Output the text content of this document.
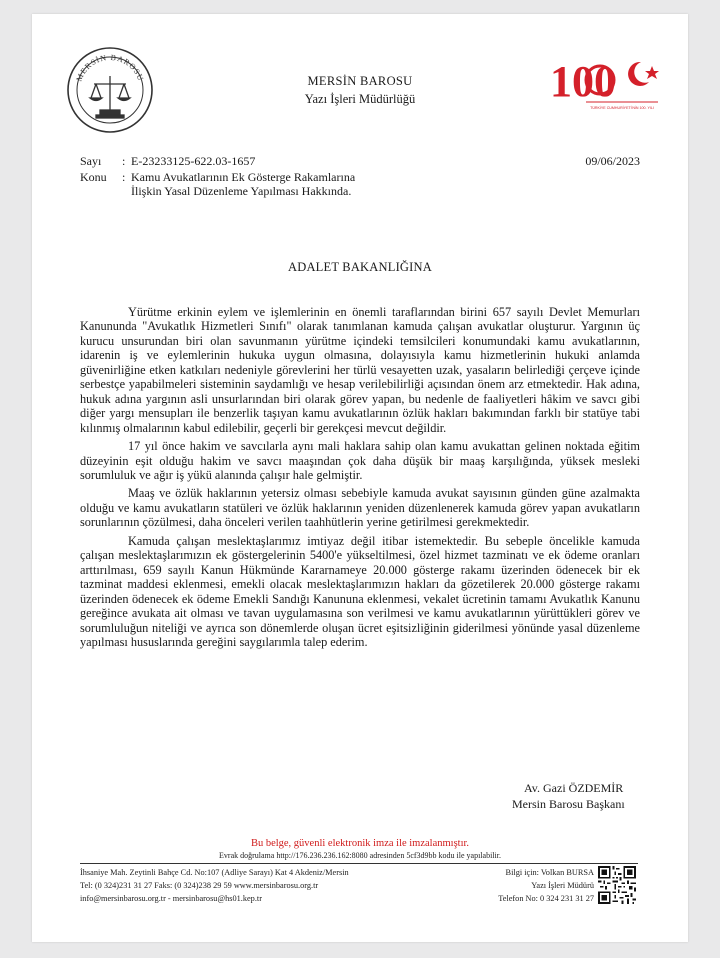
MERSİN BAROSU	100
TÜRKİYE CUMHURİYETİ'NİN 100. YILI
MERSİN BAROSU
Yazı İşleri Müdürlüğü
Sayı : E-23233125-622.03-1657
Konu : Kamu Avukatlarının Ek Gösterge Rakamlarına İlişkin Yasal Düzenleme Yapılması Hakkında.
09/06/2023
ADALET BAKANLIĞINA

Yürütme erkinin eylem ve işlemlerinin en önemli taraflarından birini 657 sayılı Devlet Memurları Kanununda "Avukatlık Hizmetleri Sınıfı" olarak tanımlanan kamuda çalışan avukatlar oluşturur. Yargının üç kurucu unsurundan biri olan savunmanın yürütme içindeki temsilcileri konumundaki kamu avukatlarının, idarenin iş ve eylemlerinin hukuka uygun olmasına, dolayısıyla kamu hizmetlerinin hukuki anlamda güvenirliğine etken katkıları nedeniyle görevlerini her türlü vesayetten uzak, yasaların belirlediği çerçeve içinde serbestçe yapabilmeleri sisteminin saydamlığı ve hesap verilebilirliği açısından önem arz etmektedir. Hak adına, hukuk adına yargının asli unsurlarından biri olarak görev yapan, bu nedenle de faaliyetleri hâkim ve savcı gibi diğer yargı mensupları ile benzerlik taşıyan kamu avukatlarının özlük hakları bakımından farklı bir statüye tabi kılınmış olmalarının kabul edilebilir, geçerli bir gerekçesi mevcut değildir.

17 yıl önce hakim ve savcılarla aynı mali haklara sahip olan kamu avukattan gelinen noktada eğitim düzeyinin eşit olduğu hakim ve savcı maaşından çok daha düşük bir maaş karşılığında, yüksek mesleki sorumluluk ve ağır iş yükü alanında çalışır hale gelmiştir.

Maaş ve özlük haklarının yetersiz olması sebebiyle kamuda avukat sayısının günden güne azalmakta olduğu ve kamu avukatların statüleri ve özlük haklarının yeniden düzenlenerek kamuda görev yapan avukatların sorunlarının çözülmesi, daha önceleri verilen taahhütlerin yerine getirilmesi gerekmektedir.

Kamuda çalışan meslektaşlarımız imtiyaz değil itibar istemektedir. Bu sebeple öncelikle kamuda çalışan meslektaşlarımızın ek göstergelerinin 5400'e yükseltilmesi, özel hizmet tazminatı ve ek ödeme oranları arttırılması, 659 sayılı Kanun Hükmünde Kararnameye 20.000 gösterge rakamı üzerinden ödenecek bir ek tazminat maddesi eklenmesi, emekli olacak meslektaşlarımızın hakları da gözetilerek 20.000 gösterge rakamı üzerinden ödenecek ek ödeme Emekli Sandığı Kanununa eklenmesi, vekalet ücretinin tamamı Avukatlık Kanunu gereğince avukata ait olması ve tavan uygulamasına son verilmesi ve kamu avukatlarının yürüttükleri görev ve sorumluluğun niteliği ve ayrıca son dönemlerde oluşan ücret eşitsizliğinin giderilmesi yönünde yasal düzenleme yapılması hususlarında gereğini saygılarımla talep ederim.

Av. Gazi ÖZDEMİR
Mersin Barosu Başkanı
Bu belge, güvenli elektronik imza ile imzalanmıştır.
Evrak doğrulama http://176.236.236.162:8080 adresinden 5cf3d9bb kodu ile yapılabilir.
İhsaniye Mah. Zeytinli Bahçe Cd. No:107 (Adliye Sarayı) Kat 4 Akdeniz/Mersin
Tel: (0 324)231 31 27 Faks: (0 324)238 29 59 www.mersinbarosu.org.tr
info@mersinbarosu.org.tr - mersinbarosu@hs01.kep.tr
Bilgi için: Volkan BURSA
Yazı İşleri Müdürü
Telefon No: 0 324 231 31 27
